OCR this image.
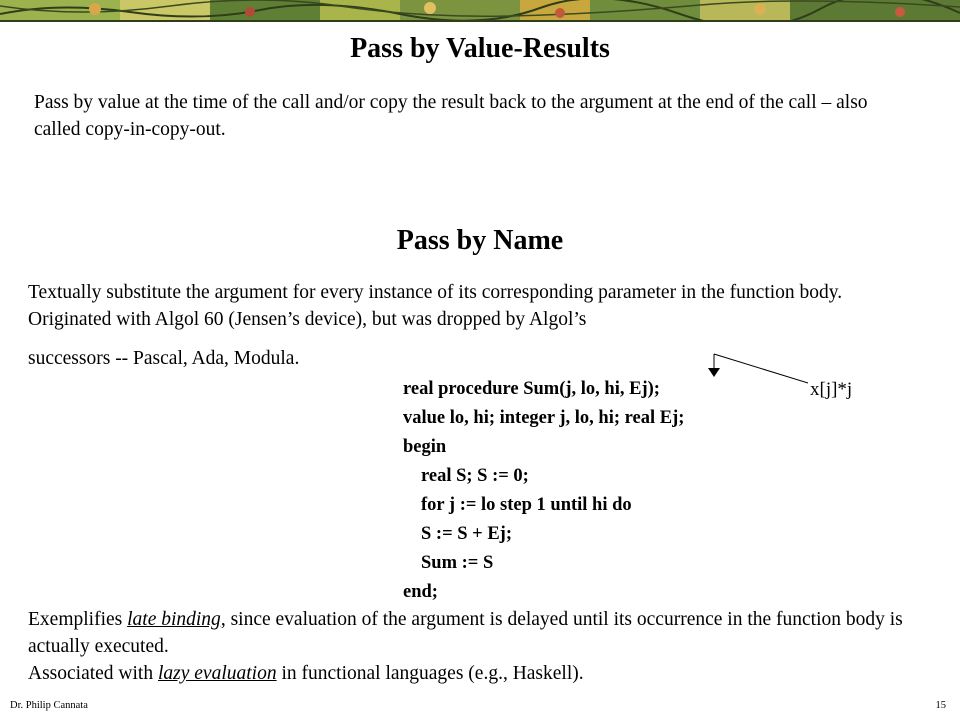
Pass by Value-Results

Pass by value at the time of the call and/or copy the result back to the argument at the end of the call – also called copy-in-copy-out.

Pass by Name

Textually substitute the argument for every instance of its corresponding parameter in the function body. Originated with Algol 60 (Jensen’s device), but was dropped by Algol’s

successors -- Pascal, Ada, Modula.

real procedure Sum(j, lo, hi, Ej);
value lo, hi; integer j, lo, hi; real Ej;
begin
real S; S := 0;
for j := lo step 1 until hi do
S := S + Ej;
Sum := S
end;
x[j]*j

Exemplifies late binding, since evaluation of the argument is delayed until its occurrence in the function body is actually executed.
Associated with lazy evaluation in functional languages (e.g., Haskell).

Dr. Philip Cannata	15
